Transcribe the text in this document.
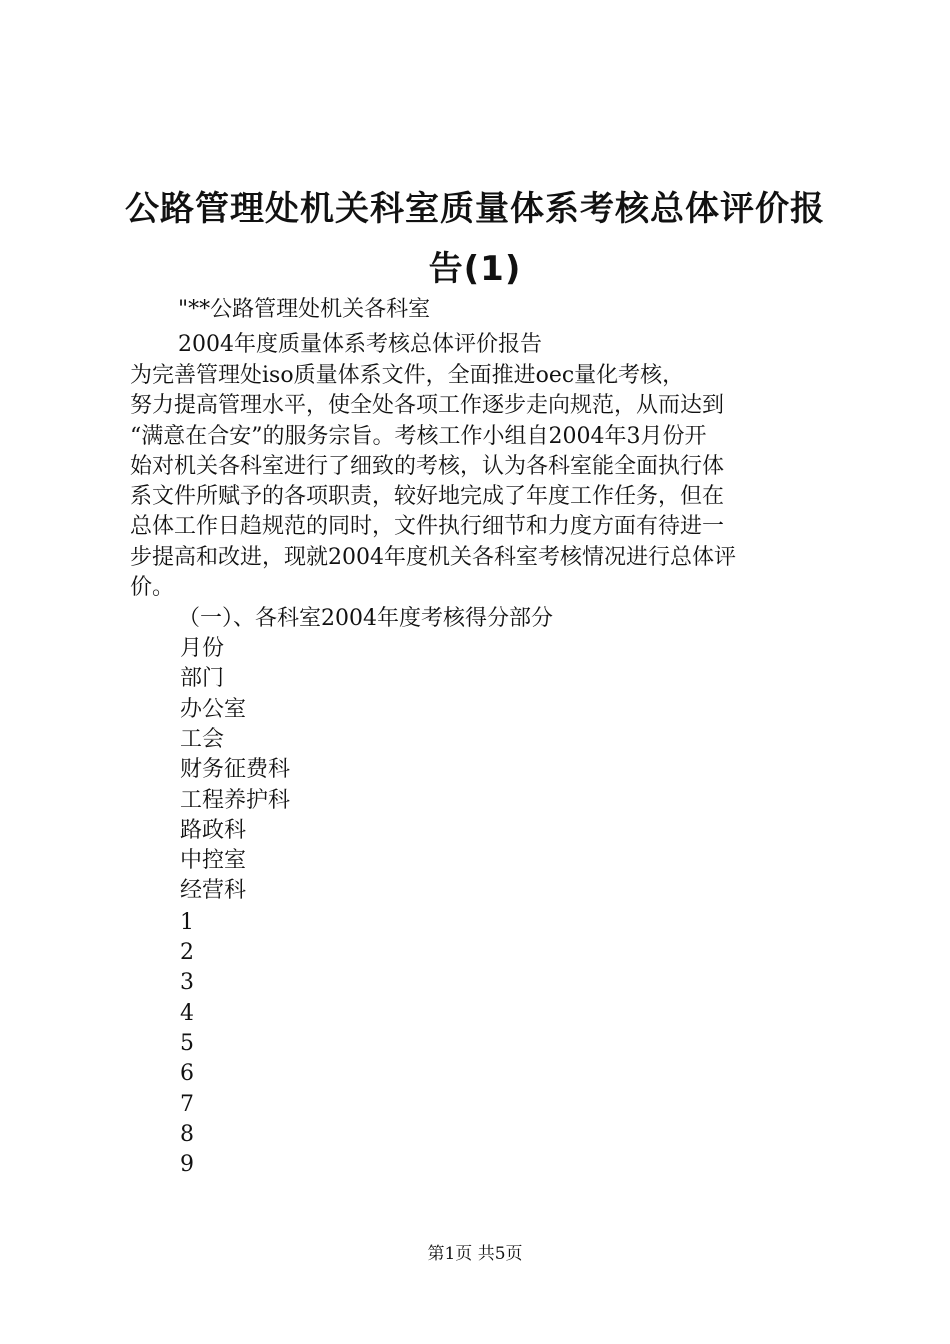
公路管理处机关科室质量体系考核总体评价报
告(1)

"**公路管理处机关各科室

2004年度质量体系考核总体评价报告

为完善管理处iso质量体系文件，全面推进oec量化考核，

努力提高管理水平，使全处各项工作逐步走向规范，从而达到

“满意在合安”的服务宗旨。考核工作小组自2004年3月份开

始对机关各科室进行了细致的考核，认为各科室能全面执行体

系文件所赋予的各项职责，较好地完成了年度工作任务，但在

总体工作日趋规范的同时，文件执行细节和力度方面有待进一

步提高和改进，现就2004年度机关各科室考核情况进行总体评

价。

（一）、各科室2004年度考核得分部分

月份

部门

办公室

工会

财务征费科

工程养护科

路政科

中控室

经营科

1

2

3

4

5

6

7

8

9

第1页 共5页
